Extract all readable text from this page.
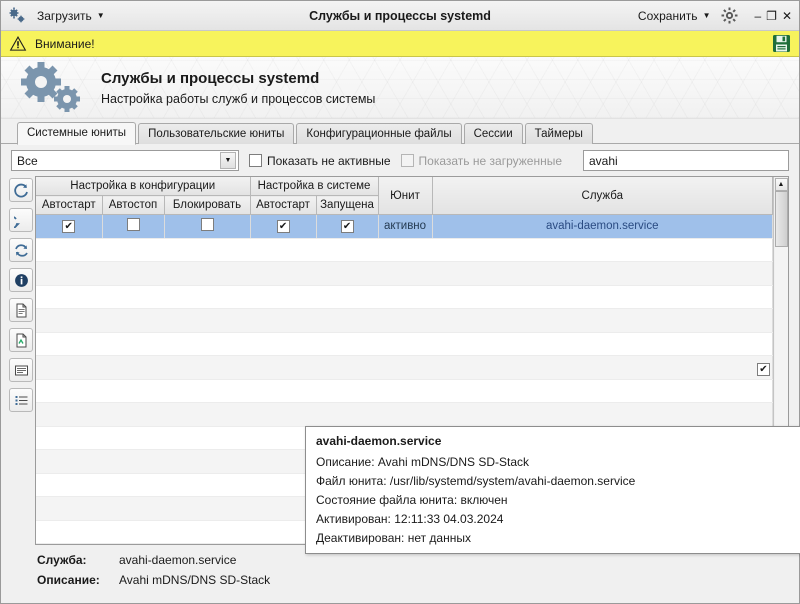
Загрузить ▼	Службы и процессы systemd	Сохранить ▼	– ❐ ✕
Внимание!
Службы и процессы systemd

Настройка работы служб и процессов системы

Системные юниты	Пользовательские юниты	Конфигурационные файлы	Сессии	Таймеры
Все	▼	Показать не активные Показать не загруженные avahi
Настройка в конфигурации			Настройка в системе		Юнит	Служба
Автостарт	Автостоп	Блокировать	Автостарт	Запущена		
✔			✔	✔	активно	avahi-daemon.service

▲
✔
avahi-daemon.service
Описание: Avahi mDNS/DNS SD-Stack
Файл юнита: /usr/lib/systemd/system/avahi-daemon.service
Состояние файла юнита: включен
Активирован: 12:11:33 04.03.2024
Деактивирован: нет данных
Служба:	avahi-daemon.service
Описание:	Avahi mDNS/DNS SD-Stack
